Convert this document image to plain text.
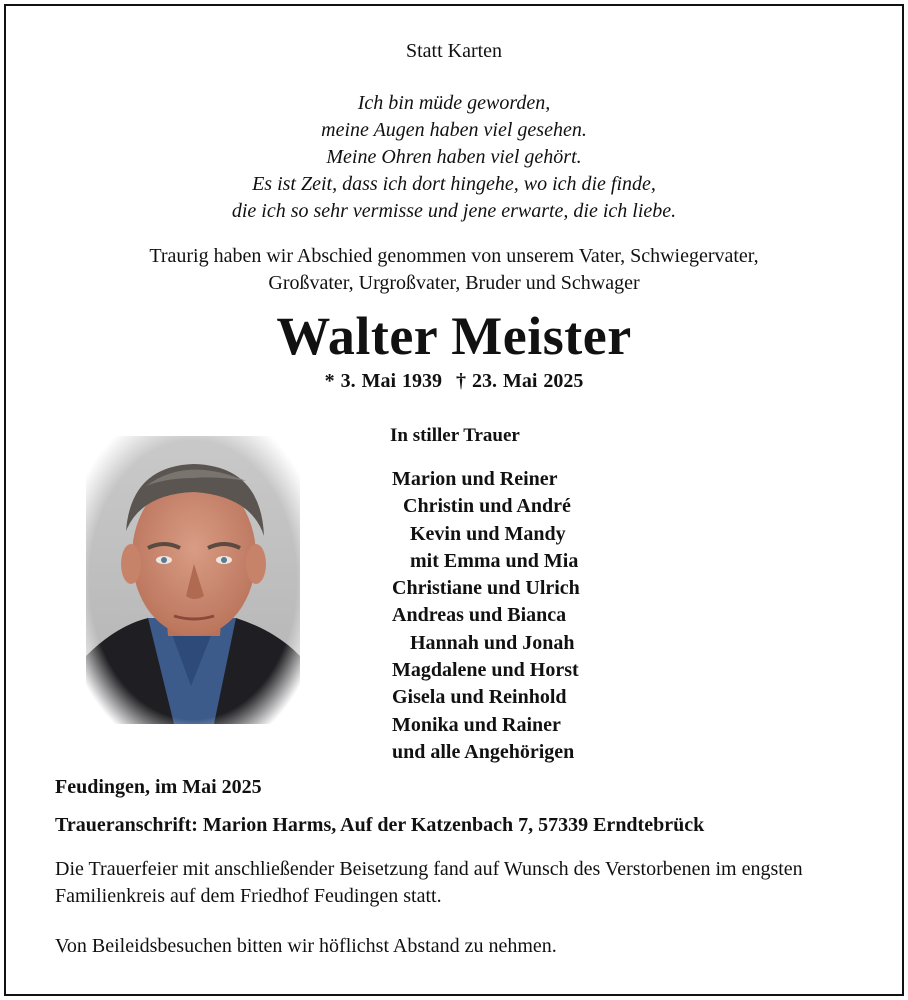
Statt Karten
Ich bin müde geworden,
meine Augen haben viel gesehen.
Meine Ohren haben viel gehört.
Es ist Zeit, dass ich dort hingehe, wo ich die finde,
die ich so sehr vermisse und jene erwarte, die ich liebe.
Traurig haben wir Abschied genommen von unserem Vater, Schwiegervater,
Großvater, Urgroßvater, Bruder und Schwager
Walter Meister
* 3. Mai 1939 † 23. Mai 2025
In stiller Trauer
Marion und Reiner
Christin und André
Kevin und Mandy
mit Emma und Mia
Christiane und Ulrich
Andreas und Bianca
Hannah und Jonah
Magdalene und Horst
Gisela und Reinhold
Monika und Rainer
und alle Angehörigen
Feudingen, im Mai 2025
Traueranschrift: Marion Harms, Auf der Katzenbach 7, 57339 Erndtebrück
Die Trauerfeier mit anschließender Beisetzung fand auf Wunsch des Verstorbenen im engsten Familienkreis auf dem Friedhof Feudingen statt.
Von Beileidsbesuchen bitten wir höflichst Abstand zu nehmen.
